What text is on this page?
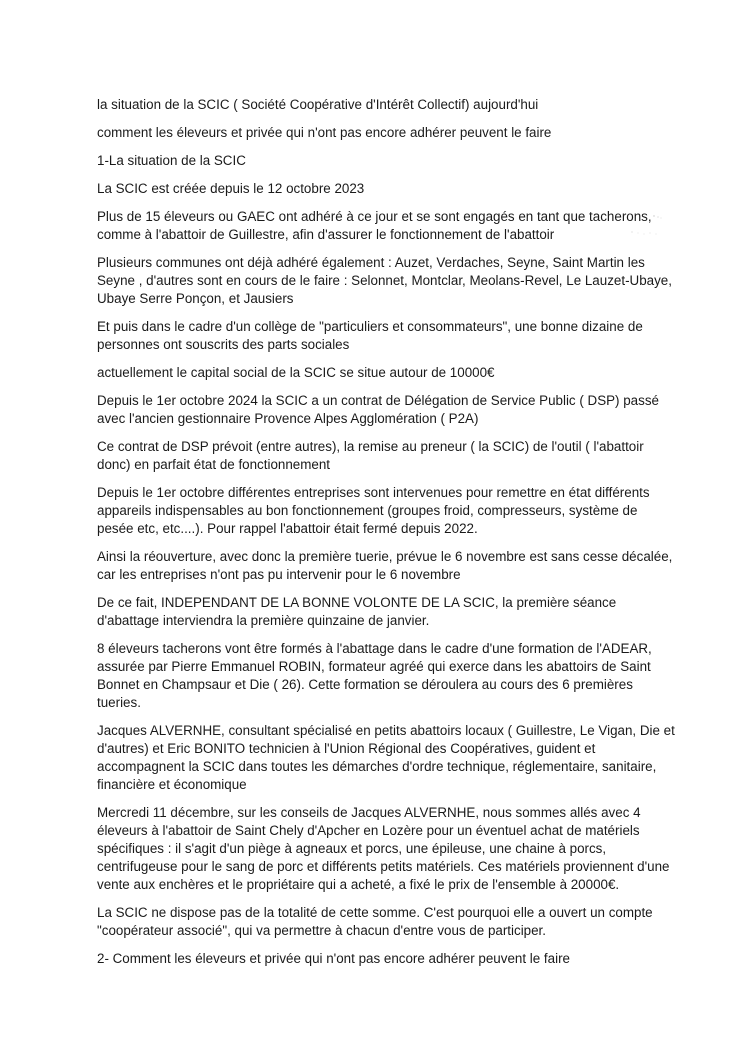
la situation de la SCIC ( Société Coopérative d'Intérêt Collectif) aujourd'hui

comment les éleveurs et privée qui n'ont pas encore adhérer peuvent le faire

1-La situation de la SCIC

La SCIC est créée depuis le 12 octobre 2023

Plus de 15 éleveurs ou GAEC ont adhéré à ce jour et se sont engagés en tant que tacherons, comme à l'abattoir de Guillestre, afin d'assurer le fonctionnement de l'abattoir

Plusieurs communes ont déjà adhéré également : Auzet, Verdaches, Seyne, Saint Martin les Seyne , d'autres sont en cours de le faire : Selonnet, Montclar, Meolans-Revel, Le Lauzet-Ubaye, Ubaye Serre Ponçon, et Jausiers

Et puis dans le cadre d'un collège de "particuliers et consommateurs", une bonne dizaine de personnes ont souscrits des parts sociales

actuellement le capital social de la SCIC se situe autour de 10000€

Depuis le 1er octobre 2024 la SCIC a un contrat de Délégation de Service Public ( DSP) passé avec l'ancien gestionnaire Provence Alpes Agglomération ( P2A)

Ce contrat de DSP prévoit (entre autres), la remise au preneur ( la SCIC) de l'outil ( l'abattoir donc) en parfait état de fonctionnement

Depuis le 1er octobre différentes entreprises sont intervenues pour remettre en état différents appareils indispensables au bon fonctionnement (groupes froid, compresseurs, système de pesée etc, etc....). Pour rappel l'abattoir était fermé depuis 2022.

Ainsi la réouverture, avec donc la première tuerie, prévue le 6 novembre est sans cesse décalée, car les entreprises n'ont pas pu intervenir pour le 6 novembre

De ce fait, INDEPENDANT DE LA BONNE VOLONTE DE LA SCIC, la première séance d'abattage interviendra la première quinzaine de janvier.

8 éleveurs tacherons vont être formés à l'abattage dans le cadre d'une formation de l'ADEAR, assurée par Pierre Emmanuel ROBIN, formateur agréé qui exerce dans les abattoirs de Saint Bonnet en Champsaur et Die ( 26). Cette formation se déroulera au cours des 6 premières tueries.

Jacques ALVERNHE, consultant spécialisé en petits abattoirs locaux ( Guillestre, Le Vigan, Die et d'autres) et Eric BONITO technicien à l'Union Régional des Coopératives, guident et accompagnent la SCIC dans toutes les démarches d'ordre technique, réglementaire, sanitaire, financière et économique

Mercredi 11 décembre, sur les conseils de Jacques ALVERNHE, nous sommes allés avec 4 éleveurs à l'abattoir de Saint Chely d'Apcher en Lozère pour un éventuel achat de matériels spécifiques : il s'agit d'un piège à agneaux et porcs, une épileuse, une chaine à porcs, centrifugeuse pour le sang de porc et différents petits matériels. Ces matériels proviennent d'une vente aux enchères et le propriétaire qui a acheté, a fixé le prix de l'ensemble à 20000€.

La SCIC ne dispose pas de la totalité de cette somme. C'est pourquoi elle a ouvert un compte "coopérateur associé", qui va permettre à chacun d'entre vous de participer.

2- Comment les éleveurs et privée qui n'ont pas encore adhérer peuvent le faire
